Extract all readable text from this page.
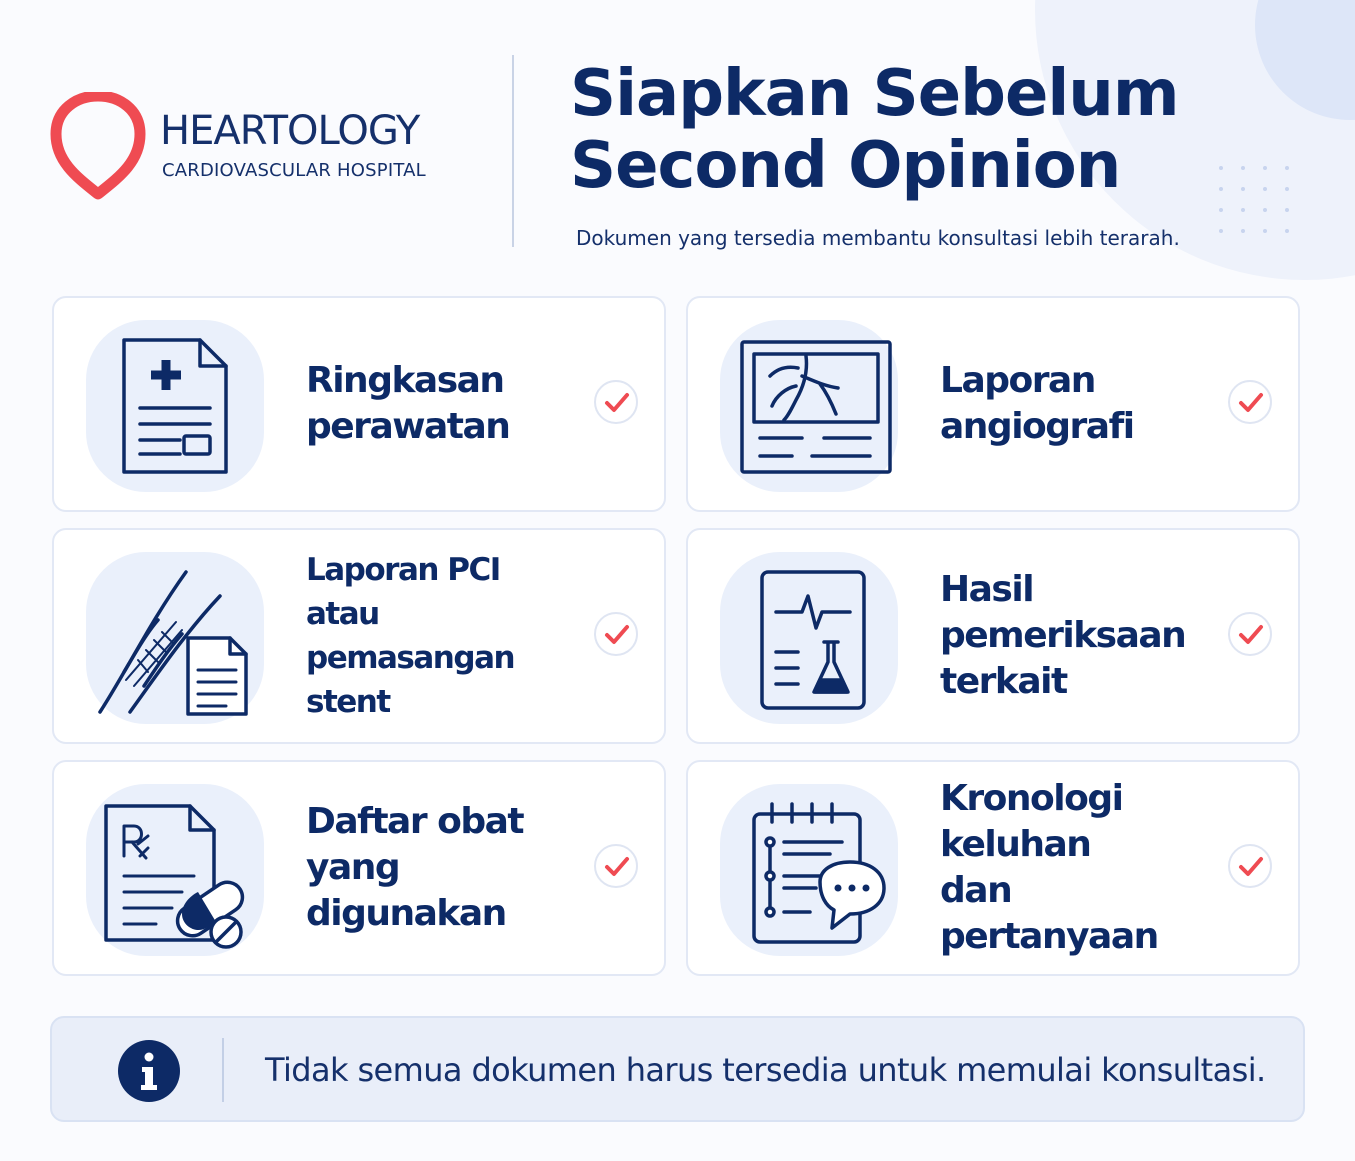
HEARTOLOGY
CARDIOVASCULAR HOSPITAL
Siapkan Sebelum
Second Opinion
Dokumen yang tersedia membantu konsultasi lebih terarah.
Ringkasan
perawatan
Laporan
angiografi
Laporan PCI
atau pemasangan
stent
Hasil
pemeriksaan
terkait
Daftar obat
yang digunakan
Kronologi keluhan
dan pertanyaan
Tidak semua dokumen harus tersedia untuk memulai konsultasi.
